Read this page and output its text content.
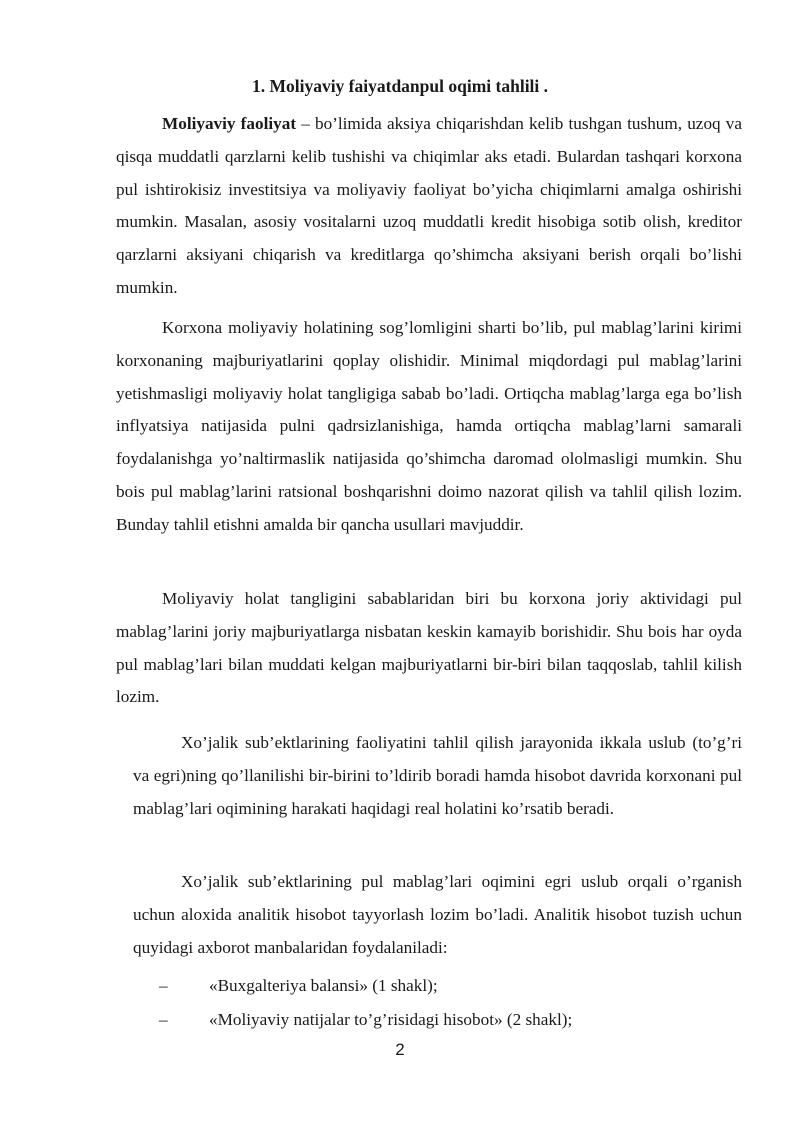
1. Moliyaviy faiyatdanpul oqimi tahlili .

Moliyaviy faoliyat – bo’limida aksiya chiqarishdan kelib tushgan tushum, uzoq va qisqa muddatli qarzlarni kelib tushishi va chiqimlar aks etadi. Bulardan tashqari korxona pul ishtirokisiz investitsiya va moliyaviy faoliyat bo’yicha chiqimlarni amalga oshirishi mumkin. Masalan, asosiy vositalarni uzoq muddatli kredit hisobiga sotib olish, kreditor qarzlarni aksiyani chiqarish va kreditlarga qo’shimcha aksiyani berish orqali bo’lishi mumkin.

Korxona moliyaviy holatining sog’lomligini sharti bo’lib, pul mablag’larini kirimi korxonaning majburiyatlarini qoplay olishidir. Minimal miqdordagi pul mablag’larini yetishmasligi moliyaviy holat tangligiga sabab bo’ladi. Ortiqcha mablag’larga ega bo’lish inflyatsiya natijasida pulni qadrsizlanishiga, hamda ortiqcha mablag’larni samarali foydalanishga yo’naltirmaslik natijasida qo’shimcha daromad ololmasligi mumkin. Shu bois pul mablag’larini ratsional boshqarishni doimo nazorat qilish va tahlil qilish lozim. Bunday tahlil etishni amalda bir qancha usullari mavjuddir.

Moliyaviy holat tangligini sabablaridan biri bu korxona joriy aktividagi pul mablag’larini joriy majburiyatlarga nisbatan keskin kamayib borishidir. Shu bois har oyda pul mablag’lari bilan muddati kelgan majburiyatlarni bir-biri bilan taqqoslab, tahlil kilish lozim.

Xo’jalik sub’ektlarining faoliyatini tahlil qilish jarayonida ikkala uslub (to’g’ri va egri)ning qo’llanilishi bir-birini to’ldirib boradi hamda hisobot davrida korxonani pul mablag’lari oqimining harakati haqidagi real holatini ko’rsatib beradi.

Xo’jalik sub’ektlarining pul mablag’lari oqimini egri uslub orqali o’rganish uchun aloxida analitik hisobot tayyorlash lozim bo’ladi. Analitik hisobot tuzish uchun quyidagi axborot manbalaridan foydalaniladi:

– «Buxgalteriya balansi» (1 shakl);
– «Moliyaviy natijalar to’g’risidagi hisobot» (2 shakl);
2
